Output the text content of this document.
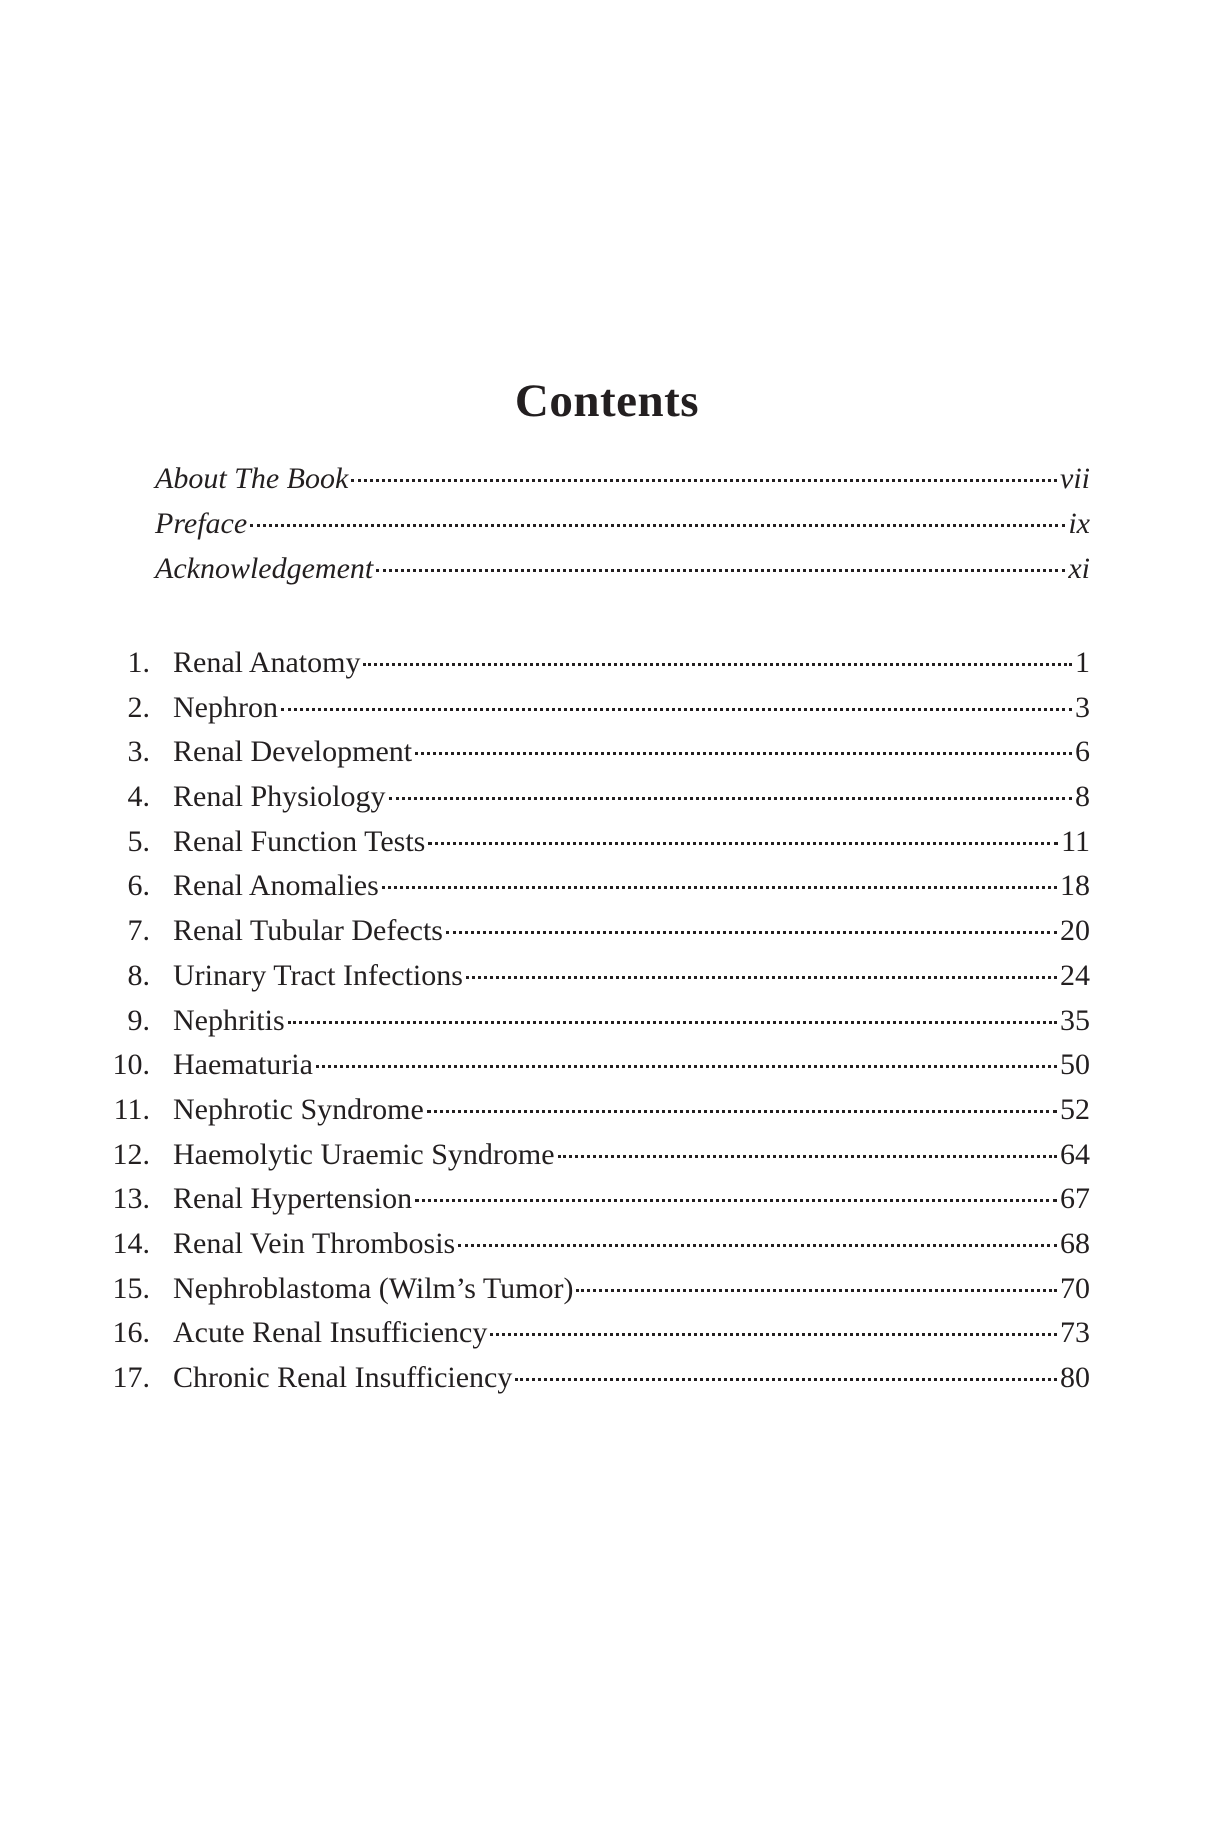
Contents
About The Book	vii
Preface	ix
Acknowledgement	xi
1. Renal Anatomy	1
2. Nephron	3
3. Renal Development	6
4. Renal Physiology	8
5. Renal Function Tests	11
6. Renal Anomalies	18
7. Renal Tubular Defects	20
8. Urinary Tract Infections	24
9. Nephritis	35
10. Haematuria	50
11. Nephrotic Syndrome	52
12. Haemolytic Uraemic Syndrome	64
13. Renal Hypertension	67
14. Renal Vein Thrombosis	68
15. Nephroblastoma (Wilm’s Tumor)	70
16. Acute Renal Insufficiency	73
17. Chronic Renal Insufficiency	80
